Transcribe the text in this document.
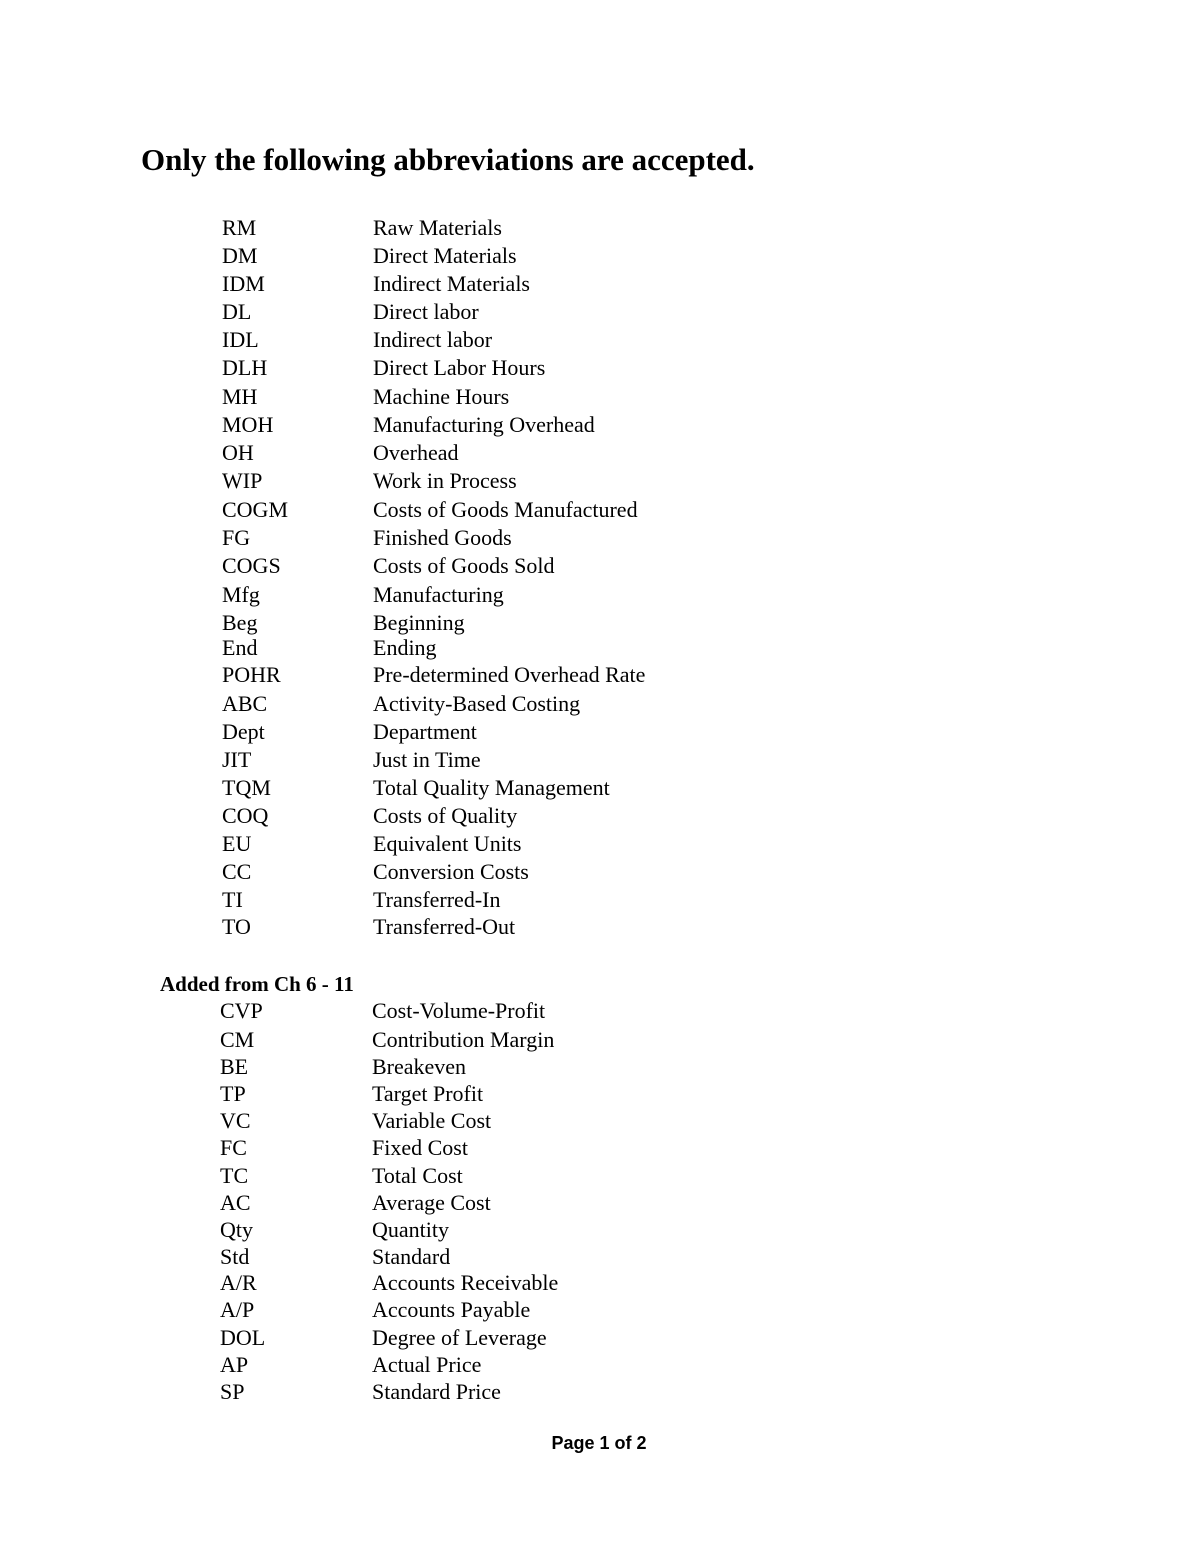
Only the following abbreviations are accepted.
RM	Raw Materials
DM	Direct Materials
IDM	Indirect Materials
DL	Direct labor
IDL	Indirect labor
DLH	Direct Labor Hours
MH	Machine Hours
MOH	Manufacturing Overhead
OH	Overhead
WIP	Work in Process
COGM	Costs of Goods Manufactured
FG	Finished Goods
COGS	Costs of Goods Sold
Mfg	Manufacturing
Beg	Beginning
End	Ending
POHR	Pre-determined Overhead Rate
ABC	Activity-Based Costing
Dept	Department
JIT	Just in Time
TQM	Total Quality Management
COQ	Costs of Quality
EU	Equivalent Units
CC	Conversion Costs
TI	Transferred-In
TO	Transferred-Out
Added from Ch 6 - 11
CVP	Cost-Volume-Profit
CM	Contribution Margin
BE	Breakeven
TP	Target Profit
VC	Variable Cost
FC	Fixed Cost
TC	Total Cost
AC	Average Cost
Qty	Quantity
Std	Standard
A/R	Accounts Receivable
A/P	Accounts Payable
DOL	Degree of Leverage
AP	Actual Price
SP	Standard Price
Page 1 of 2
